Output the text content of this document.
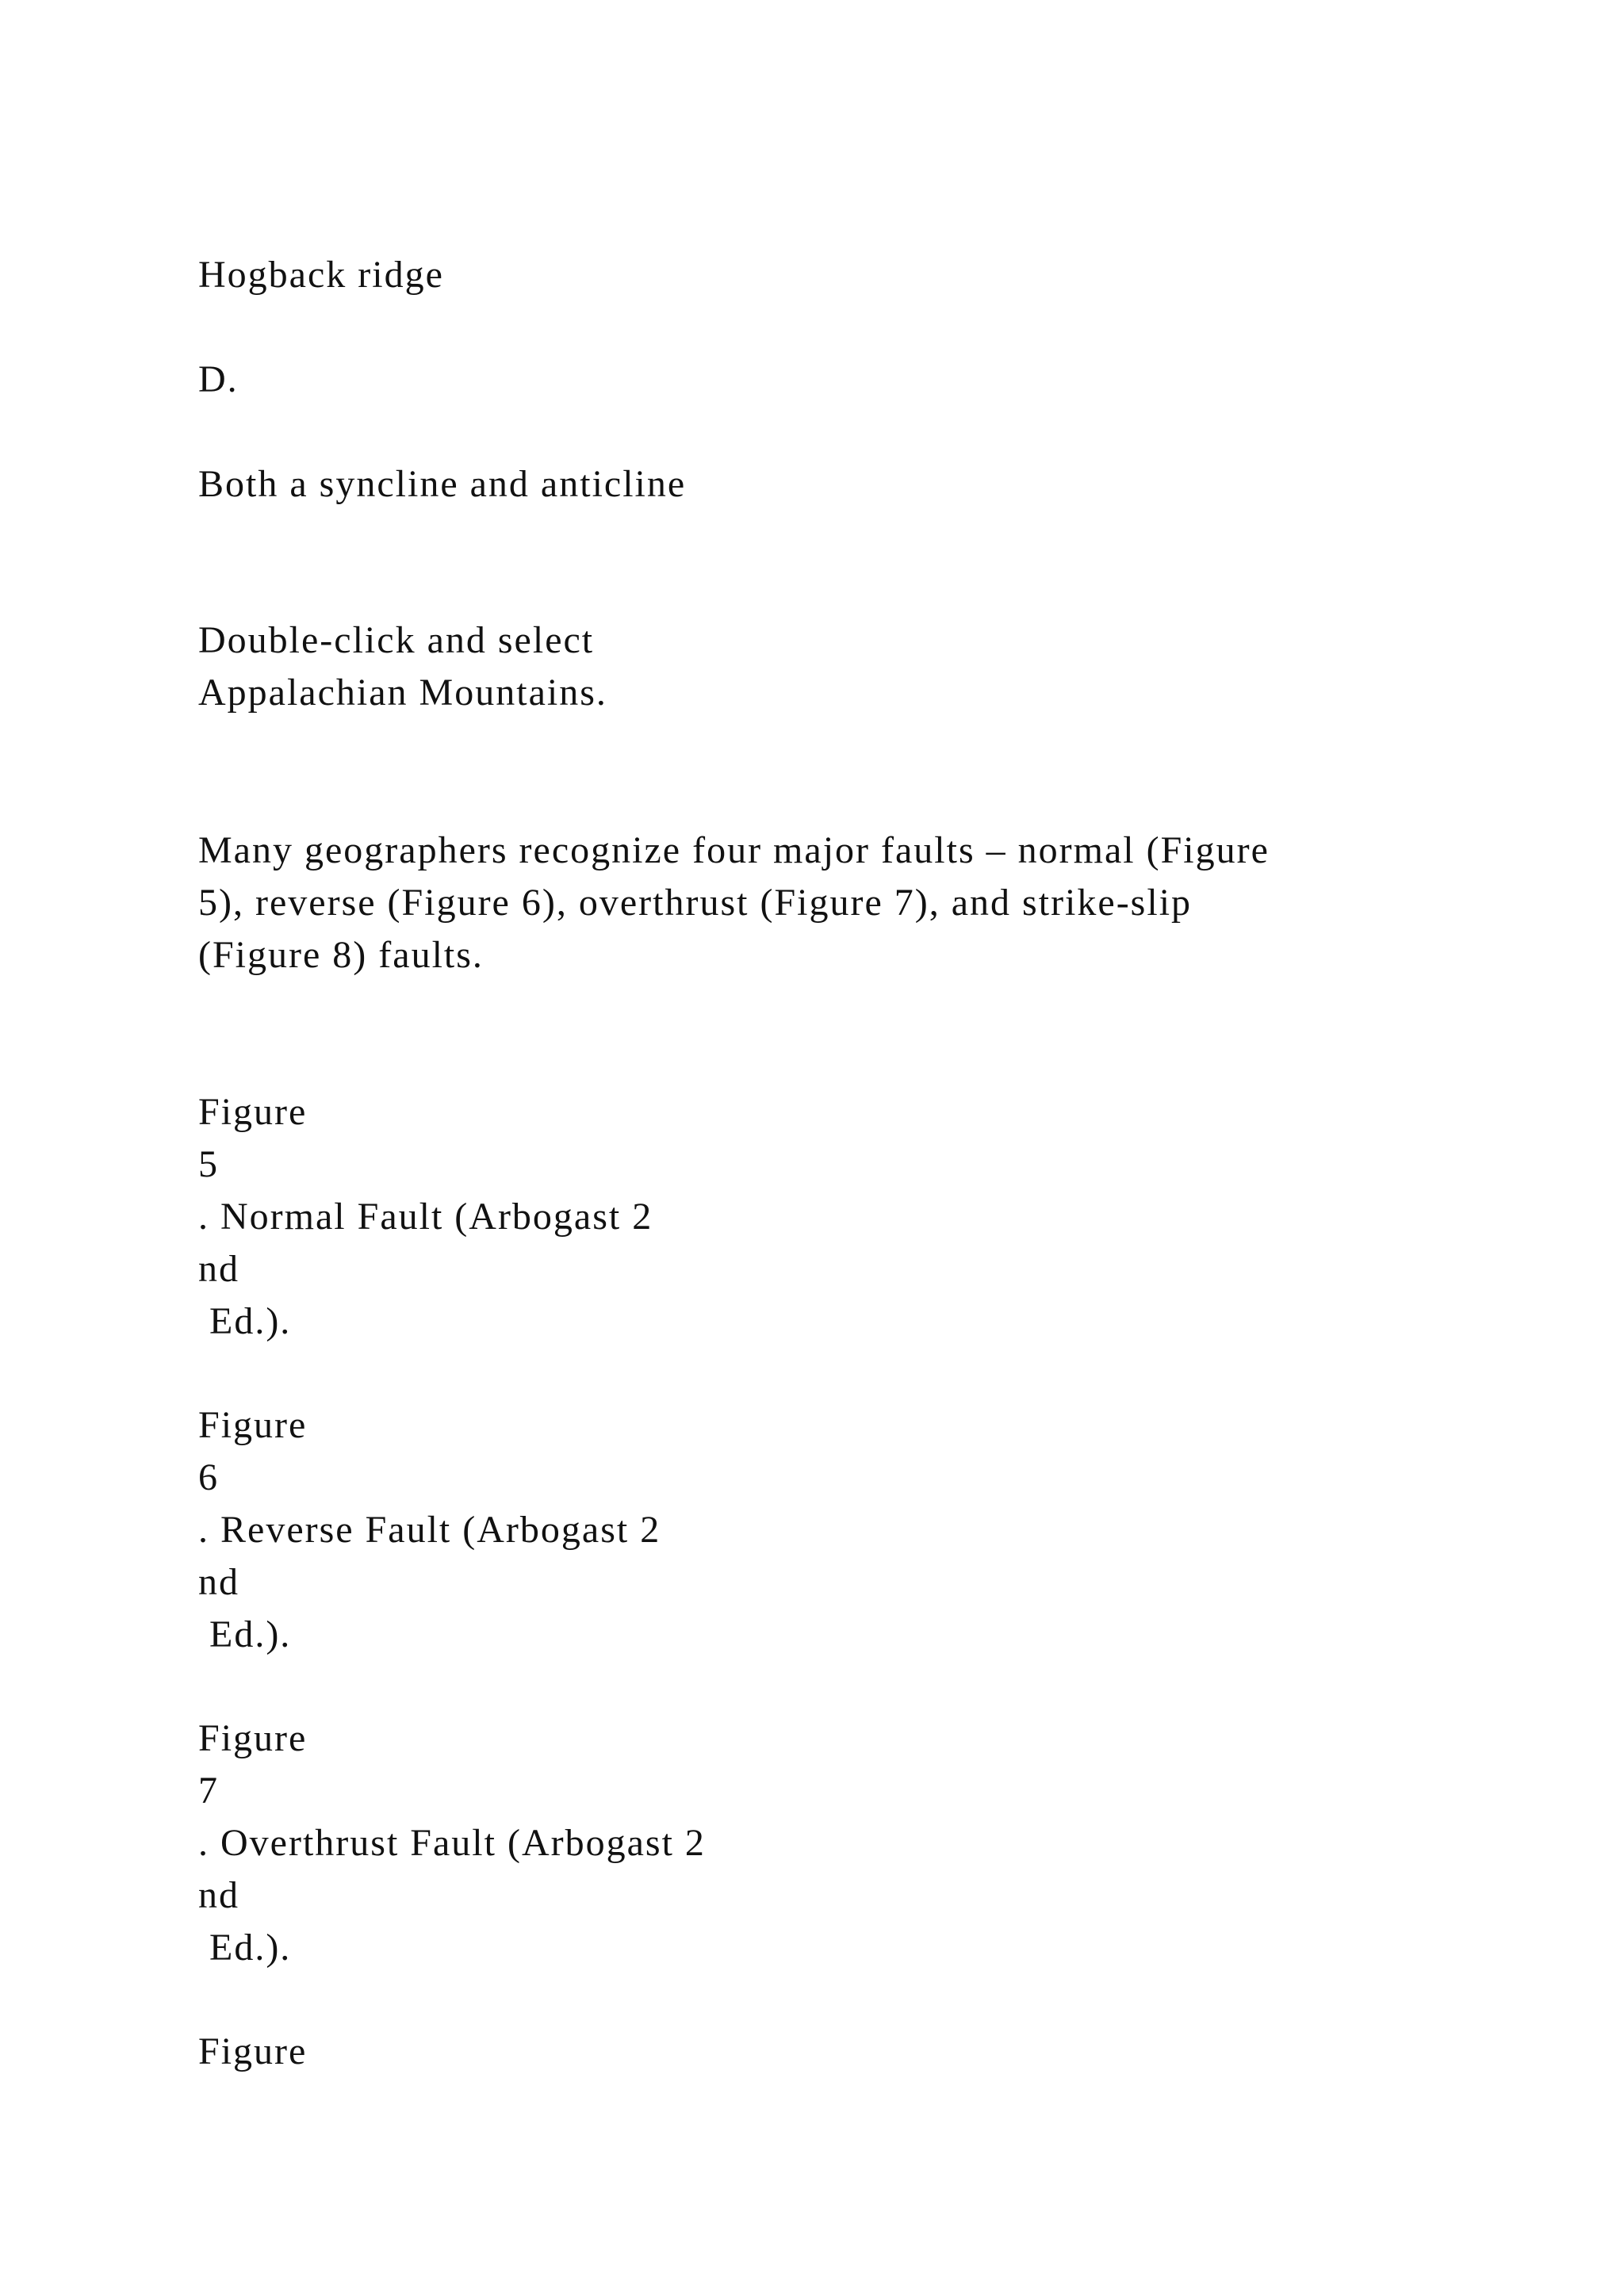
Hogback ridge

D.

Both a syncline and anticline

Double-click and select

Appalachian Mountains.

Many geographers recognize four major faults – normal (Figure

5), reverse (Figure 6), overthrust (Figure 7), and strike-slip

(Figure 8) faults.

Figure

5

. Normal Fault (Arbogast 2

nd

Ed.).

Figure

6

. Reverse Fault (Arbogast 2

nd

Ed.).

Figure

7

. Overthrust Fault (Arbogast 2

nd

Ed.).

Figure
